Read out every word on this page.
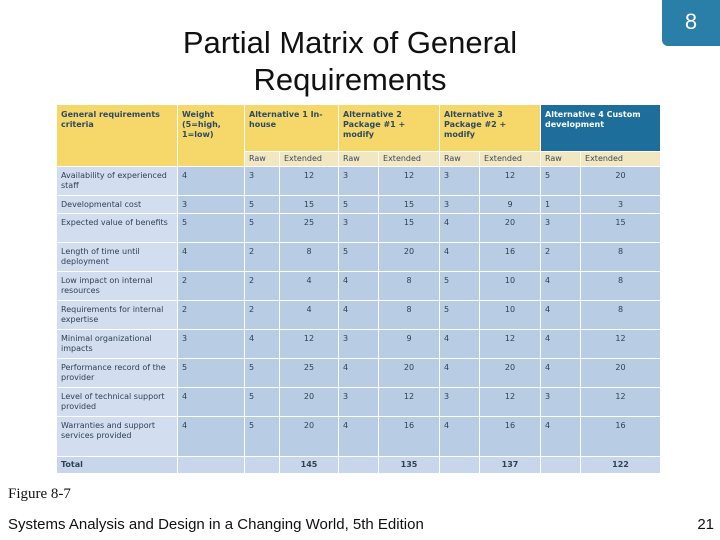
Partial Matrix of General Requirements
8
General requirements criteria	Weight (5=high, 1=low)	Alternative 1 In-house		Alternative 2 Package #1 + modify		Alternative 3 Package #2 + modify		Alternative 4 Custom development	
		Raw	Extended	Raw	Extended	Raw	Extended	Raw	Extended
Availability of experienced staff	4	3	12	3	12	3	12	5	20
Developmental cost	3	5	15	5	15	3	9	1	3
Expected value of benefits	5	5	25	3	15	4	20	3	15
Length of time until deployment	4	2	8	5	20	4	16	2	8
Low impact on internal resources	2	2	4	4	8	5	10	4	8
Requirements for internal expertise	2	2	4	4	8	5	10	4	8
Minimal organizational impacts	3	4	12	3	9	4	12	4	12
Performance record of the provider	5	5	25	4	20	4	20	4	20
Level of technical support provided	4	5	20	3	12	3	12	3	12
Warranties and support services provided	4	5	20	4	16	4	16	4	16
Total			145		135		137		122
Figure 8-7
Systems Analysis and Design in a Changing World, 5th Edition	21
